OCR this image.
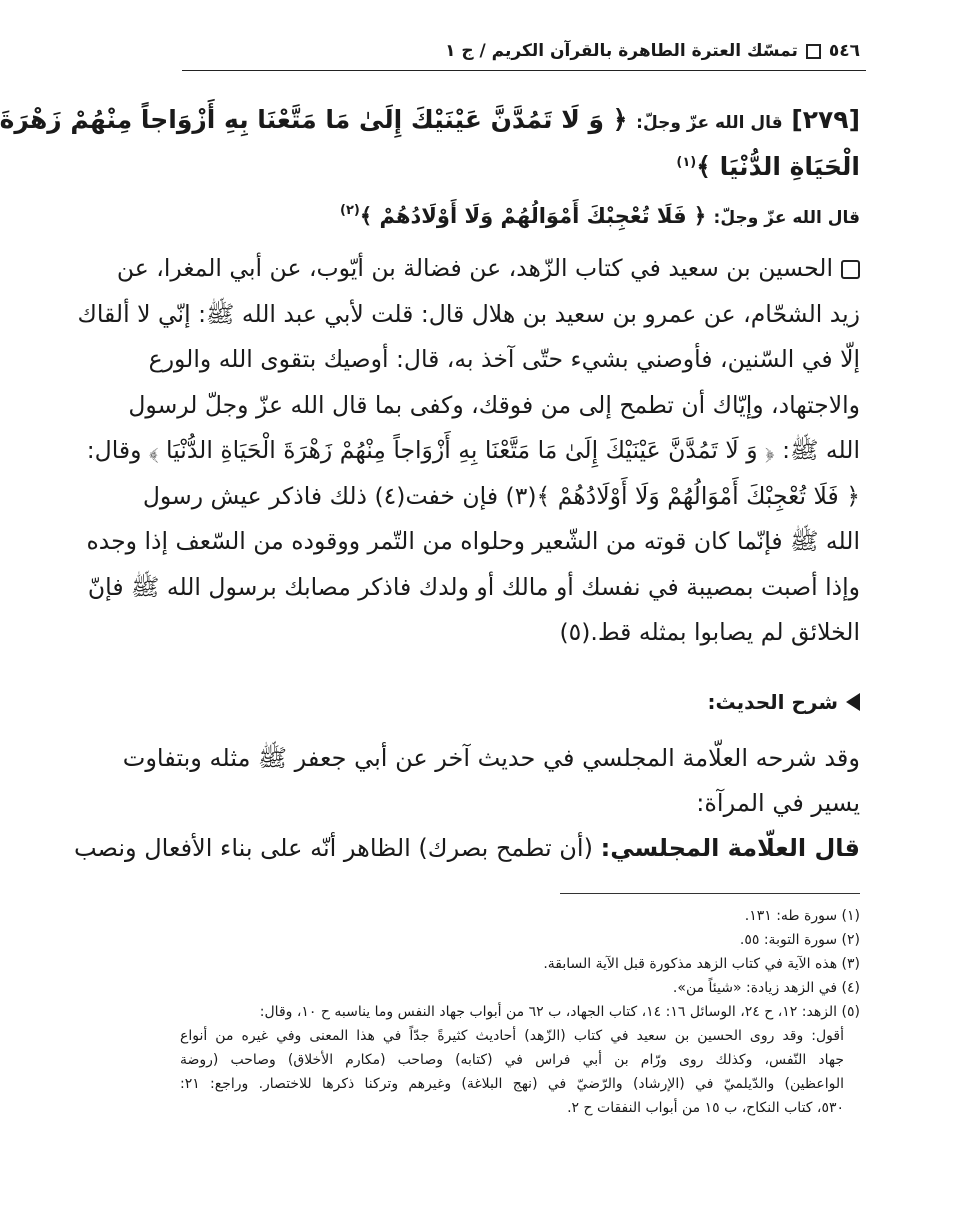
٥٤٦
تمسّك العترة الطاهرة بالقرآن الكريم / ج ١
[٢٧٩] قال الله عزّ وجلّ: ﴿ وَ لَا تَمُدَّنَّ عَيْنَيْكَ إِلَىٰ مَا مَتَّعْنَا بِهِ أَزْوَاجاً مِنْهُمْ زَهْرَةَ
الْحَيَاةِ الدُّنْيَا ﴾$^{(١)}$
قال الله عزّ وجلّ: ﴿ فَلَا تُعْجِبْكَ أَمْوَالُهُمْ وَلَا أَوْلَادُهُمْ ﴾$^{(٢)}$
الحسين بن سعيد في كتاب الزّهد، عن فضالة بن أيّوب، عن أبي المغرا، عن
زيد الشحّام، عن عمرو بن سعيد بن هلال قال: قلت لأبي عبد الله ﷺ: إنّي لا ألقاك
إلّا في السّنين، فأوصني بشيء حتّى آخذ به، قال: أوصيك بتقوى الله والورع
والاجتهاد، وإيّاك أن تطمح إلى من فوقك، وكفى بما قال الله عزّ وجلّ لرسول
الله ﷺ: ﴿ وَ لَا تَمُدَّنَّ عَيْنَيْكَ إِلَىٰ مَا مَتَّعْنَا بِهِ أَزْوَاجاً مِنْهُمْ زَهْرَةَ الْحَيَاةِ الدُّنْيَا ﴾ وقال:
﴿ فَلَا تُعْجِبْكَ أَمْوَالُهُمْ وَلَا أَوْلَادُهُمْ ﴾(٣) فإن خفت(٤) ذلك فاذكر عيش رسول
الله ﷺ فإنّما كان قوته من الشّعير وحلواه من التّمر ووقوده من السّعف إذا وجده
وإذا أصبت بمصيبة في نفسك أو مالك أو ولدك فاذكر مصابك برسول الله ﷺ فإنّ
الخلائق لم يصابوا بمثله قط.(٥)
شرح الحديث:
وقد شرحه العلّامة المجلسي في حديث آخر عن أبي جعفر ﷺ مثله وبتفاوت
يسير في المرآة:
قال العلّامة المجلسي: (أن تطمح بصرك) الظاهر أنّه على بناء الأفعال ونصب
(١) سورة طه: ١٣١.
(٢) سورة التوبة: ٥٥.
(٣) هذه الآية في كتاب الزهد مذكورة قبل الآية السابقة.
(٤) في الزهد زيادة: «شيئاً من».
(٥) الزهد: ١٢، ح ٢٤، الوسائل ١٦: ١٤، كتاب الجهاد، ب ٦٢ من أبواب جهاد النفس وما يناسبه ح ١٠، وقال:
أقول: وقد روى الحسين بن سعيد في كتاب (الزّهد) أحاديث كثيرةً جدّاً في هذا المعنى وفي غيره من أنواع
جهاد النّفس، وكذلك روى ورّام بن أبي فراس في (كتابه) وصاحب (مكارم الأخلاق) وصاحب (روضة
الواعظين) والدّيلميّ في (الإرشاد) والرّضيّ في (نهج البلاغة) وغيرهم وتركنا ذكرها للاختصار. وراجع: ٢١:
٥٣٠، كتاب النكاح، ب ١٥ من أبواب النفقات ح ٢.
